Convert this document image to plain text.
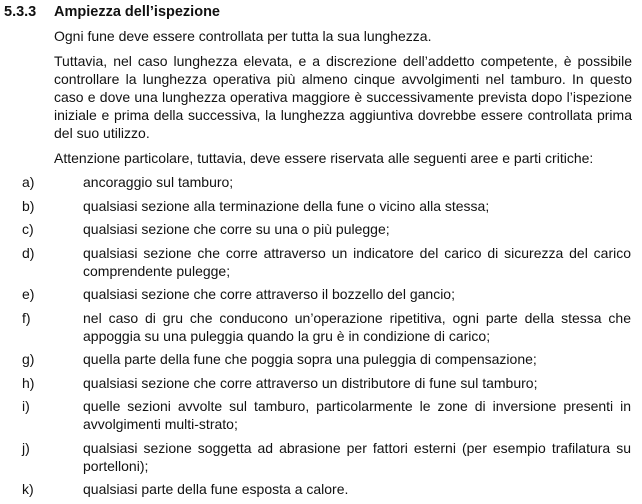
5.3.3 Ampiezza dell’ispezione
Ogni fune deve essere controllata per tutta la sua lunghezza.
Tuttavia, nel caso lunghezza elevata, e a discrezione dell’addetto competente, è possibile controllare la lunghezza operativa più almeno cinque avvolgimenti nel tamburo. In questo caso e dove una lunghezza operativa maggiore è successivamente prevista dopo l’ispezione iniziale e prima della successiva, la lunghezza aggiuntiva dovrebbe essere controllata prima del suo utilizzo.
Attenzione particolare, tuttavia, deve essere riservata alle seguenti aree e parti critiche:
a)	ancoraggio sul tamburo;
b)	qualsiasi sezione alla terminazione della fune o vicino alla stessa;
c)	qualsiasi sezione che corre su una o più pulegge;
d)	qualsiasi sezione che corre attraverso un indicatore del carico di sicurezza del carico comprendente pulegge;
e)	qualsiasi sezione che corre attraverso il bozzello del gancio;
f)	nel caso di gru che conducono un’operazione ripetitiva, ogni parte della stessa che appoggia su una puleggia quando la gru è in condizione di carico;
g)	quella parte della fune che poggia sopra una puleggia di compensazione;
h)	qualsiasi sezione che corre attraverso un distributore di fune sul tamburo;
i)	quelle sezioni avvolte sul tamburo, particolarmente le zone di inversione presenti in avvolgimenti multi-strato;
j)	qualsiasi sezione soggetta ad abrasione per fattori esterni (per esempio trafilatura su portelloni);
k)	qualsiasi parte della fune esposta a calore.
